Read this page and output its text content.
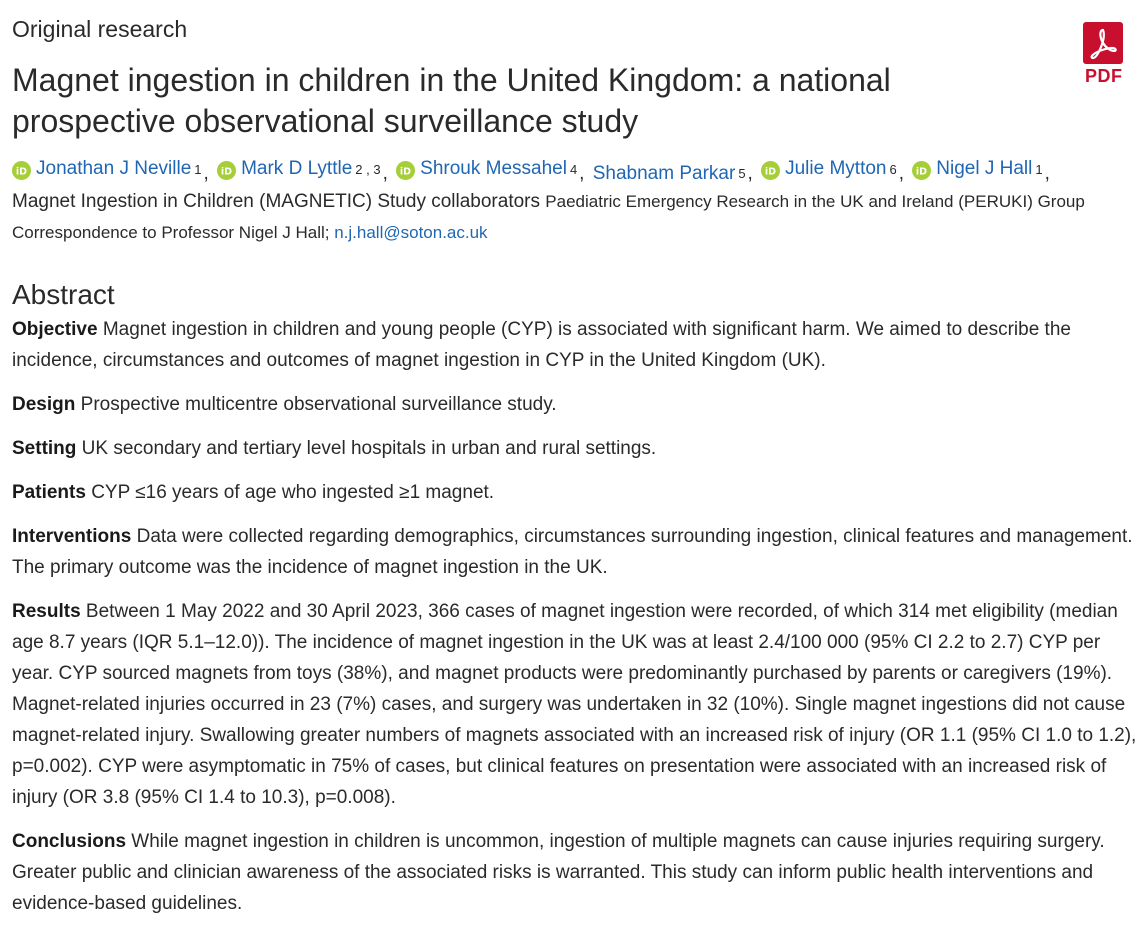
Original research
PDF
Magnet ingestion in children in the United Kingdom: a national prospective observational surveillance study
iD Jonathan J Neville 1 , iD Mark D Lyttle 2 , 3 , iD Shrouk Messahel 4 , Shabnam Parkar 5 , iD Julie Mytton 6 , iD Nigel J Hall 1 ,
Magnet Ingestion in Children (MAGNETIC) Study collaborators Paediatric Emergency Research in the UK and Ireland (PERUKI) Group
Correspondence to Professor Nigel J Hall; n.j.hall@soton.ac.uk
Abstract

Objective Magnet ingestion in children and young people (CYP) is associated with significant harm. We aimed to describe the incidence, circumstances and outcomes of magnet ingestion in CYP in the United Kingdom (UK).

Design Prospective multicentre observational surveillance study.

Setting UK secondary and tertiary level hospitals in urban and rural settings.

Patients CYP ≤16 years of age who ingested ≥1 magnet.

Interventions Data were collected regarding demographics, circumstances surrounding ingestion, clinical features and management. The primary outcome was the incidence of magnet ingestion in the UK.

Results Between 1 May 2022 and 30 April 2023, 366 cases of magnet ingestion were recorded, of which 314 met eligibility (median age 8.7 years (IQR 5.1–12.0)). The incidence of magnet ingestion in the UK was at least 2.4/100 000 (95% CI 2.2 to 2.7) CYP per year. CYP sourced magnets from toys (38%), and magnet products were predominantly purchased by parents or caregivers (19%). Magnet-related injuries occurred in 23 (7%) cases, and surgery was undertaken in 32 (10%). Single magnet ingestions did not cause magnet-related injury. Swallowing greater numbers of magnets associated with an increased risk of injury (OR 1.1 (95% CI 1.0 to 1.2), p=0.002). CYP were asymptomatic in 75% of cases, but clinical features on presentation were associated with an increased risk of injury (OR 3.8 (95% CI 1.4 to 10.3), p=0.008).

Conclusions While magnet ingestion in children is uncommon, ingestion of multiple magnets can cause injuries requiring surgery. Greater public and clinician awareness of the associated risks is warranted. This study can inform public health interventions and evidence-based guidelines.
